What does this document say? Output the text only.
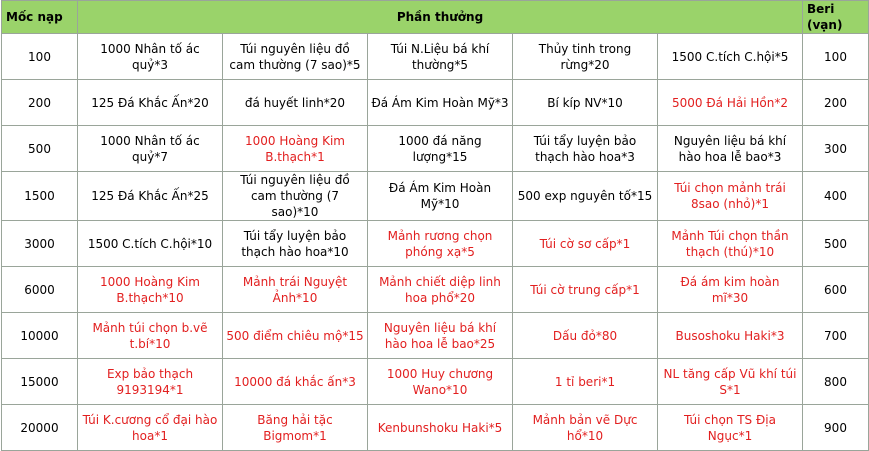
Mốc nạp	Phần thưởng					Beri (vạn)
100	1000 Nhân tố ác quỷ*3	Túi nguyên liệu đồ cam thường (7 sao)*5	Túi N.Liệu bá khí thường*5	Thủy tinh trong rừng*20	1500 C.tích C.hội*5	100
200	125 Đá Khắc Ấn*20	đá huyết linh*20	Đá Ám Kim Hoàn Mỹ*3	Bí kíp NV*10	5000 Đá Hải Hồn*2	200
500	1000 Nhân tố ác quỷ*7	1000 Hoàng Kim B.thạch*1	1000 đá năng lượng*15	Túi tẩy luyện bảo thạch hào hoa*3	Nguyên liệu bá khí hào hoa lễ bao*3	300
1500	125 Đá Khắc Ấn*25	Túi nguyên liệu đồ cam thường (7 sao)*10	Đá Ám Kim Hoàn Mỹ*10	500 exp nguyên tố*15	Túi chọn mảnh trái 8sao (nhỏ)*1	400
3000	1500 C.tích C.hội*10	Túi tẩy luyện bảo thạch hào hoa*10	Mảnh rương chọn phóng xạ*5	Túi cờ sơ cấp*1	Mảnh Túi chọn thần thạch (thú)*10	500
6000	1000 Hoàng Kim B.thạch*10	Mảnh trái Nguyệt Ảnh*10	Mảnh chiết diệp linh hoa phổ*20	Túi cờ trung cấp*1	Đá ám kim hoàn mĩ*30	600
10000	Mảnh túi chọn b.vẽ t.bí*10	500 điểm chiêu mộ*15	Nguyên liệu bá khí hào hoa lễ bao*25	Dấu đỏ*80	Busoshoku Haki*3	700
15000	Exp bảo thạch 9193194*1	10000 đá khắc ấn*3	1000 Huy chương Wano*10	1 tỉ beri*1	NL tăng cấp Vũ khí túi S*1	800
20000	Túi K.cương cổ đại hào hoa*1	Băng hải tặc Bigmom*1	Kenbunshoku Haki*5	Mảnh bản vẽ Dực hổ*10	Túi chọn TS Địa Ngục*1	900
